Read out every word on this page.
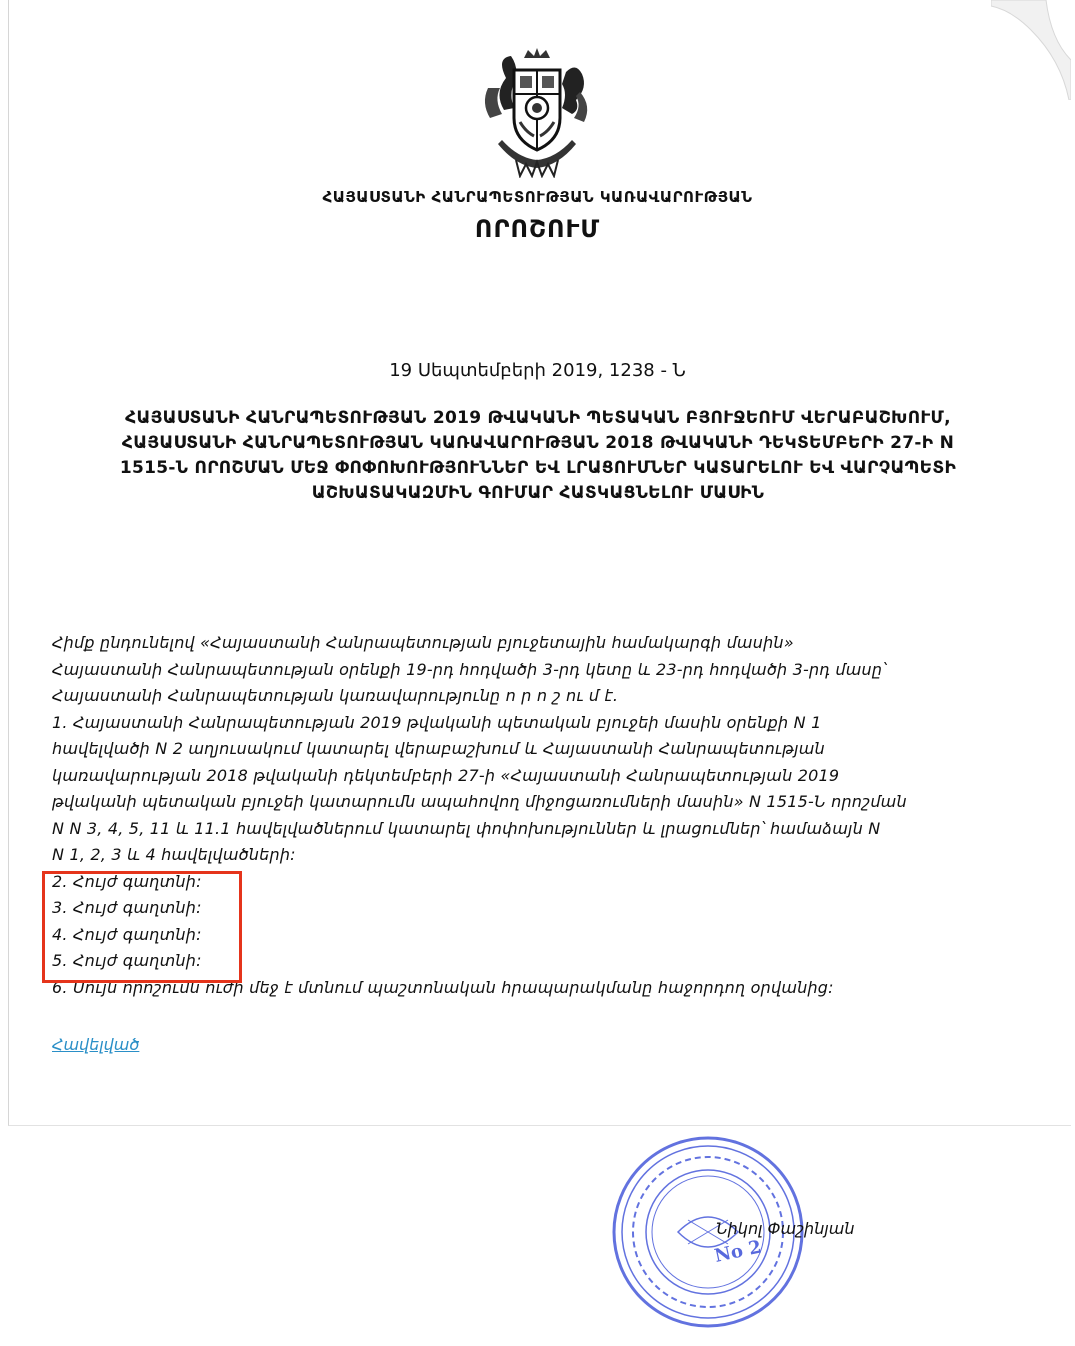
ՀԱՅԱՍՏԱՆԻ ՀԱՆՐԱՊԵՏՈՒԹՅԱՆ ԿԱՌԱՎԱՐՈՒԹՅԱՆ
ՈՐՈՇՈՒՄ
19 Սեպտեմբերի 2019, 1238 - Ն
ՀԱՅԱՍՏԱՆԻ ՀԱՆՐԱՊԵՏՈՒԹՅԱՆ 2019 ԹՎԱԿԱՆԻ ՊԵՏԱԿԱՆ ԲՅՈՒՋԵՈՒՄ ՎԵՐԱԲԱՇԽՈՒՄ,
ՀԱՅԱՍՏԱՆԻ ՀԱՆՐԱՊԵՏՈՒԹՅԱՆ ԿԱՌԱՎԱՐՈՒԹՅԱՆ 2018 ԹՎԱԿԱՆԻ ԴԵԿՏԵՄԲԵՐԻ 27-Ի N
1515-Ն ՈՐՈՇՄԱՆ ՄԵՋ ՓՈՓՈԽՈՒԹՅՈՒՆՆԵՐ ԵՎ ԼՐԱՑՈՒՄՆԵՐ ԿԱՏԱՐԵԼՈՒ ԵՎ ՎԱՐՉԱՊԵՏԻ
ԱՇԽԱՏԱԿԱԶՄԻՆ ԳՈՒՄԱՐ ՀԱՏԿԱՑՆԵԼՈՒ ՄԱՍԻՆ

Հիմք ընդունելով «Հայաստանի Հանրապետության բյուջետային համակարգի մասին»

Հայաստանի Հանրապետության օրենքի 19-րդ հոդվածի 3-րդ կետը և 23-րդ հոդվածի 3-րդ մասը՝

Հայաստանի Հանրապետության կառավարությունը ո ր ո շ ու մ է.

1. Հայաստանի Հանրապետության 2019 թվականի պետական բյուջեի մասին օրենքի N 1

հավելվածի N 2 աղյուսակում կատարել վերաբաշխում և Հայաստանի Հանրապետության

կառավարության 2018 թվականի դեկտեմբերի 27-ի «Հայաստանի Հանրապետության 2019

թվականի պետական բյուջեի կատարումն ապահովող միջոցառումների մասին» N 1515-Ն որոշման

N N 3, 4, 5, 11 և 11.1 հավելվածներում կատարել փոփոխություններ և լրացումներ՝ համաձայն N

N 1, 2, 3 և 4 հավելվածների:

2. Հույժ գաղտնի:

3. Հույժ գաղտնի:

4. Հույժ գաղտնի:

5. Հույժ գաղտնի:

6. Սույն որոշումն ուժի մեջ է մտնում պաշտոնական հրապարակմանը հաջորդող օրվանից:

Հավելված
No 2
Նիկոլ Փաշինյան
